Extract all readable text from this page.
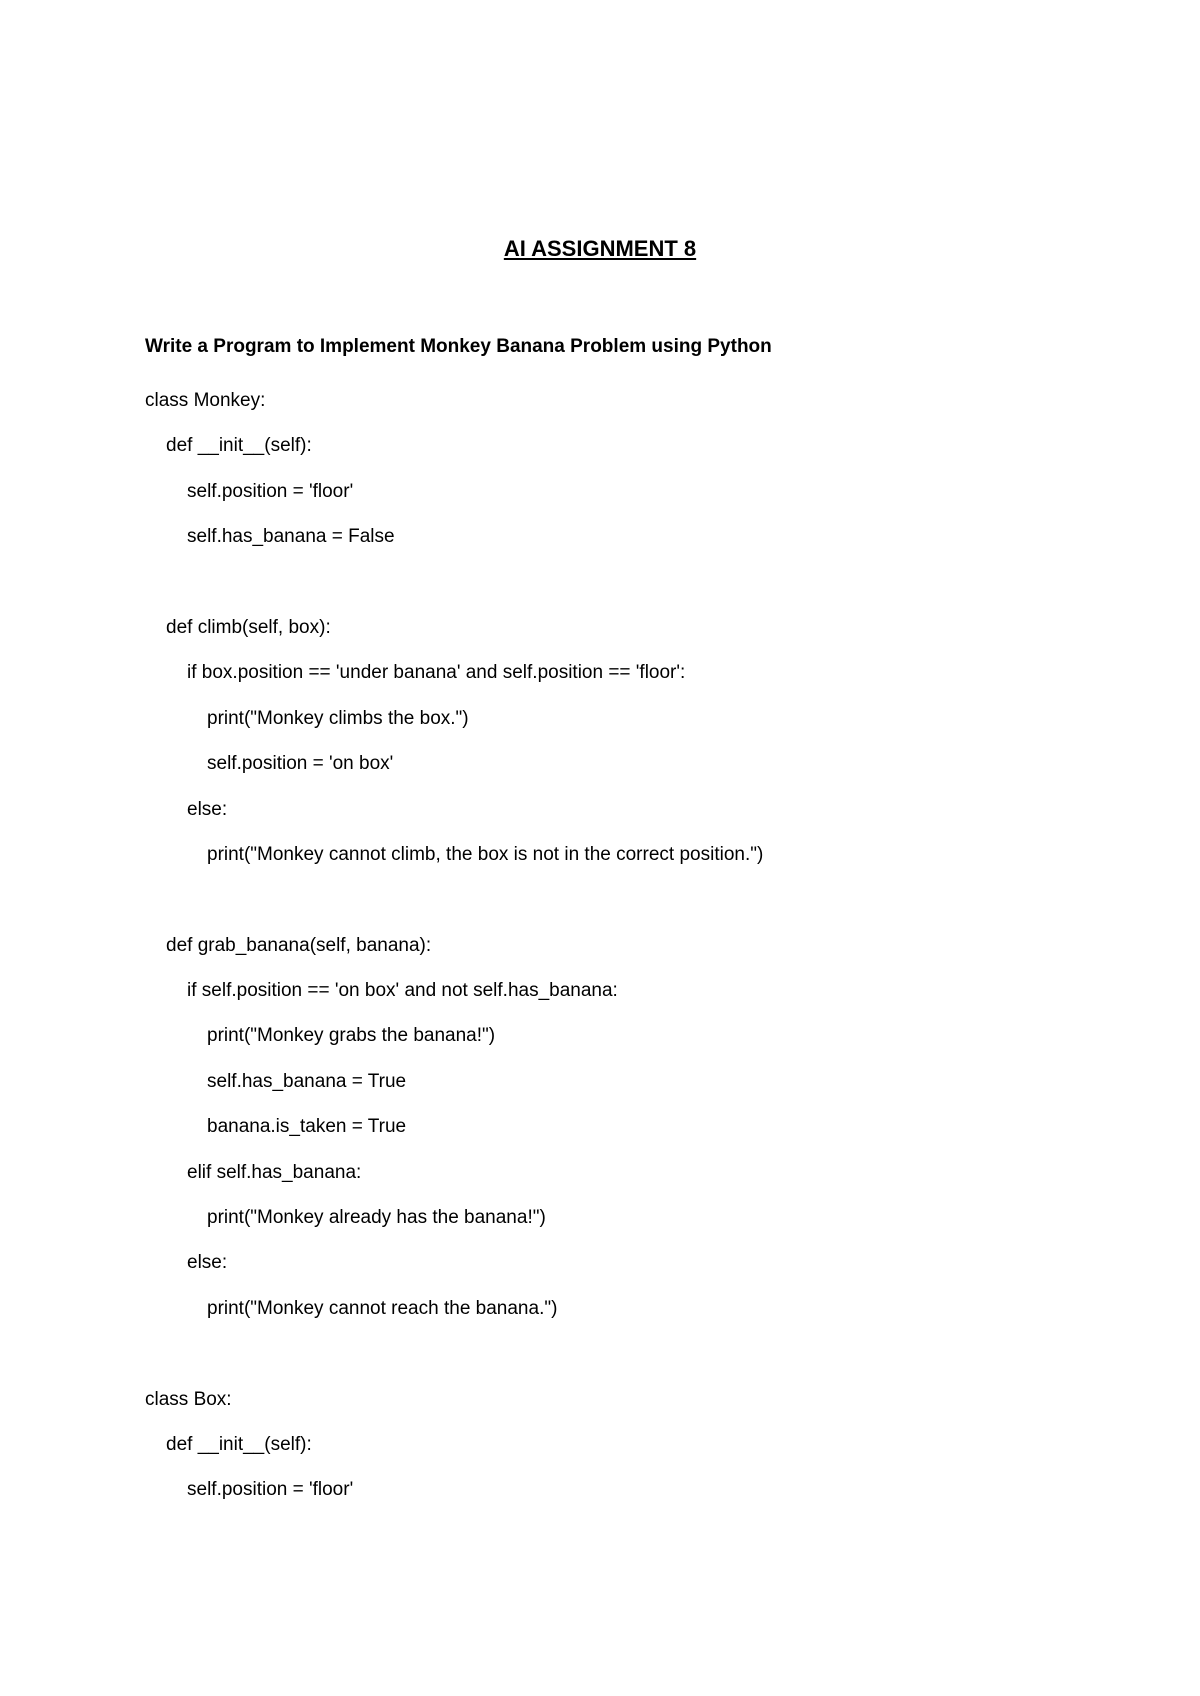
AI ASSIGNMENT 8
Write a Program to Implement Monkey Banana Problem using Python
class Monkey:
def __init__(self):
self.position = 'floor'
self.has_banana = False
def climb(self, box):
if box.position == 'under banana' and self.position == 'floor':
print("Monkey climbs the box.")
self.position = 'on box'
else:
print("Monkey cannot climb, the box is not in the correct position.")
def grab_banana(self, banana):
if self.position == 'on box' and not self.has_banana:
print("Monkey grabs the banana!")
self.has_banana = True
banana.is_taken = True
elif self.has_banana:
print("Monkey already has the banana!")
else:
print("Monkey cannot reach the banana.")
class Box:
def __init__(self):
self.position = 'floor'
